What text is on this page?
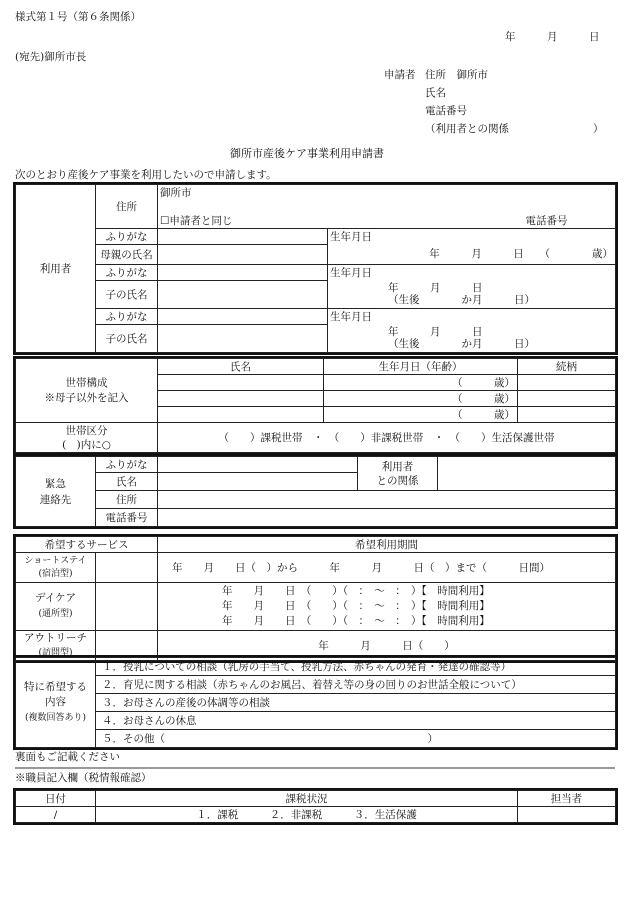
様式第１号（第６条関係）
年　　　月　　　日
(宛先)御所市長
申請者 住所　御所市
氏名
電話番号
（利用者との関係　　　　　　　　）
御所市産後ケア事業利用申請書
次のとおり産後ケア事業を利用したいので申請します。
利用者	住所	御所市		
		☐申請者と同じ		電話番号
	ふりがな		生年月日	
	母親の氏名		年　　　月　　　日　　（　　　　歳）	
	ふりがな		生年月日	
	子の氏名		年　　　月　　　日
（生後　　　　か月　　　日）	
	ふりがな		生年月日	
	子の氏名		年　　　月　　　日
（生後　　　　か月　　　日）	
世帯構成
※母子以外を記入	氏名	生年月日（年齢）	続柄
		（　　　歳）	
		（　　　歳）	
		（　　　歳）	
世帯区分
(　)内に○	（　　）課税世帯　・　（　　）非課税世帯　・　（　　）生活保護世帯		
緊急
連絡先	ふりがな		利用者
との関係	
	氏名			
	住所			
	電話番号			
希望するサービス		希望利用期間
ショートステイ
(宿泊型)		年　　月　　日（　）から　　　年　　　月　　　日（　）まで（　　　日間）
デイケア
(通所型)		年　　月　　日　（　　）（　：　～　：　）【　時間利用】
年　　月　　日　（　　）（　：　～　：　）【　時間利用】
年　　月　　日　（　　）（　：　～　：　）【　時間利用】
アウトリーチ
(訪問型)		年　　　月　　　日（　　）
特に希望する
内容
(複数回答あり)	１．授乳についての相談（乳房の手当て、授乳方法、赤ちゃんの発育・発達の確認等）
２．育児に関する相談（赤ちゃんのお風呂、着替え等の身の回りのお世話全般について）
３．お母さんの産後の体調等の相談
４．お母さんの休息
５．その他（　　　　　　　　　　　　　　　　　　　　　　　　　）
裏面もご記載ください
※職員記入欄（税情報確認）
日付	課税状況	担当者
/	１．課税　　　２．非課税　　　３．生活保護	
